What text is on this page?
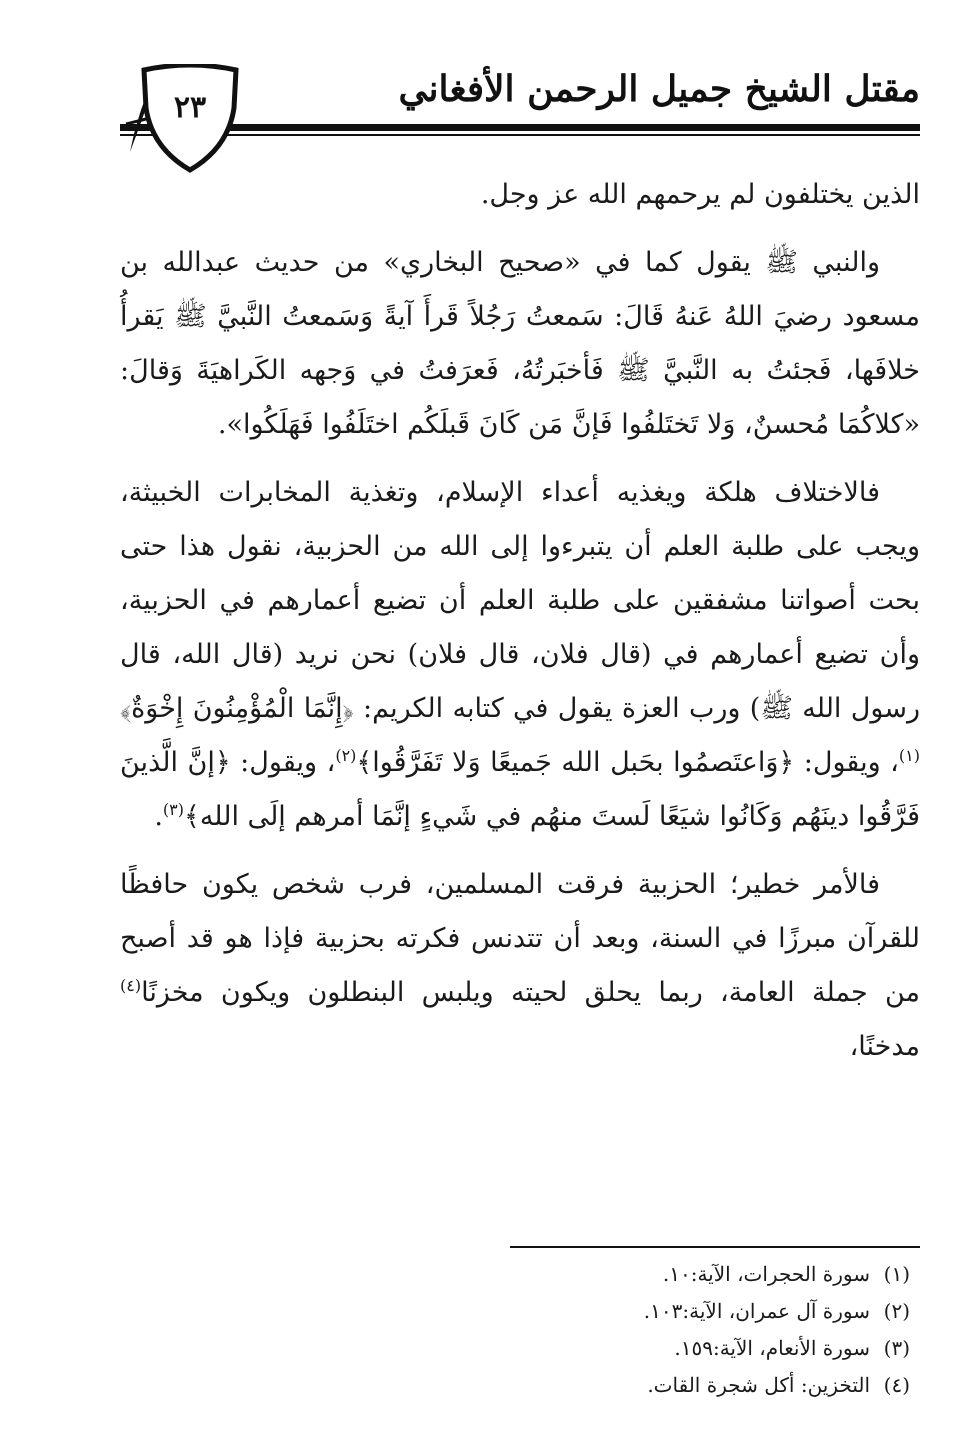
مقتل الشيخ جميل الرحمن الأفغاني
٢٣

الذين يختلفون لم يرحمهم الله عز وجل.

والنبي ﷺ يقول كما في «صحيح البخاري» من حديث عبدالله بن مسعود رضيَ اللهُ عَنهُ قَالَ: سَمعتُ رَجُلاً قَرأَ آيةً وَسَمعتُ النَّبيَّ ﷺ يَقرأُ خلافَها، فَجئتُ به النَّبيَّ ﷺ فَأخبَرتُهُ، فَعرَفتُ في وَجهه الكَراهيَةَ وَقالَ: «كلاكُمَا مُحسنٌ، وَلا تَختَلفُوا فَإنَّ مَن كَانَ قَبلَكُم اختَلَفُوا فَهَلَكُوا».

فالاختلاف هلكة ويغذيه أعداء الإسلام، وتغذية المخابرات الخبيثة، ويجب على طلبة العلم أن يتبرءوا إلى الله من الحزبية، نقول هذا حتى بحت أصواتنا مشفقين على طلبة العلم أن تضيع أعمارهم في الحزبية، وأن تضيع أعمارهم في (قال فلان، قال فلان) نحن نريد (قال الله، قال رسول الله ﷺ) ورب العزة يقول في كتابه الكريم: ﴿إِنَّمَا الْمُؤْمِنُونَ إِخْوَةٌ﴾$^{(١)}$، ويقول: ﴿وَاعتَصمُوا بحَبل الله جَميعًا وَلا تَفَرَّقُوا﴾$^{(٢)}$، ويقول: ﴿إنَّ الَّذينَ فَرَّقُوا دينَهُم وَكَانُوا شيَعًا لَستَ منهُم في شَيءٍ إنَّمَا أمرهم إلَى الله﴾$^{(٣)}$.

فالأمر خطير؛ الحزبية فرقت المسلمين، فرب شخص يكون حافظًا للقرآن مبرزًا في السنة، وبعد أن تتدنس فكرته بحزبية فإذا هو قد أصبح من جملة العامة، ربما يحلق لحيته ويلبس البنطلون ويكون مخزنًا$^{(٤)}$ مدخنًا،

(١)سورة الحجرات، الآية:١٠.
(٢)سورة آل عمران، الآية:١٠٣.
(٣)سورة الأنعام، الآية:١٥٩.
(٤)التخزين: أكل شجرة القات.
